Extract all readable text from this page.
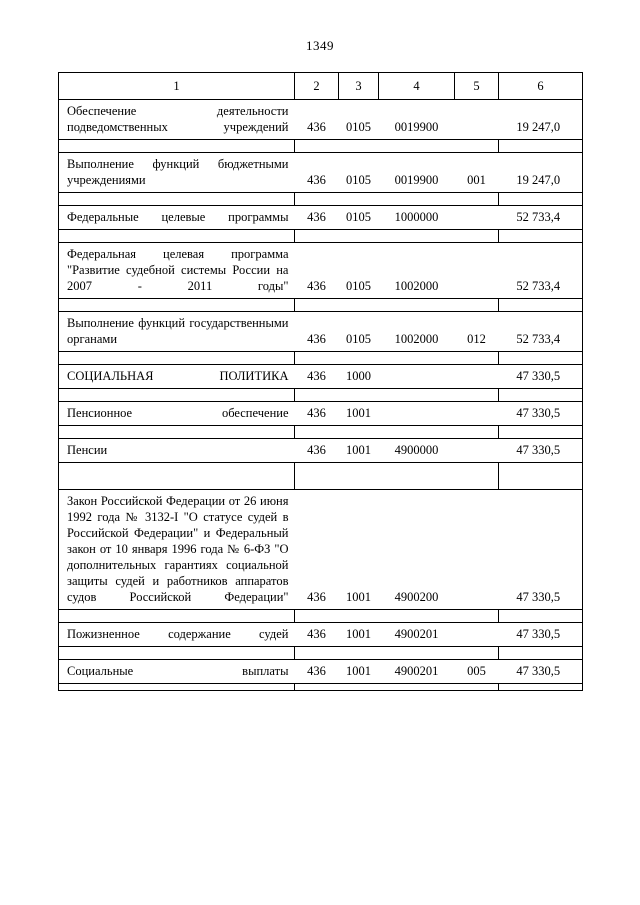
1349
1	2	3	4	5	6
Обеспечение деятельности подведомственных учреждений	436	0105	0019900		19 247,0

Выполнение функций бюджетными учреждениями	436	0105	0019900	001	19 247,0

Федеральные целевые программы	436	0105	1000000		52 733,4

Федеральная целевая программа "Развитие судебной системы России на 2007 - 2011 годы"	436	0105	1002000		52 733,4

Выполнение функций государственными органами	436	0105	1002000	012	52 733,4

СОЦИАЛЬНАЯ ПОЛИТИКА	436	1000			47 330,5

Пенсионное обеспечение	436	1001			47 330,5

Пенсии	436	1001	4900000		47 330,5

Закон Российской Федерации от 26 июня 1992 года № 3132-I "О статусе судей в Российской Федерации" и Федеральный закон от 10 января 1996 года № 6-ФЗ "О дополнительных гарантиях социальной защиты судей и работников аппаратов судов Российской Федерации"	436	1001	4900200		47 330,5

Пожизненное содержание судей	436	1001	4900201		47 330,5

Социальные выплаты	436	1001	4900201	005	47 330,5
